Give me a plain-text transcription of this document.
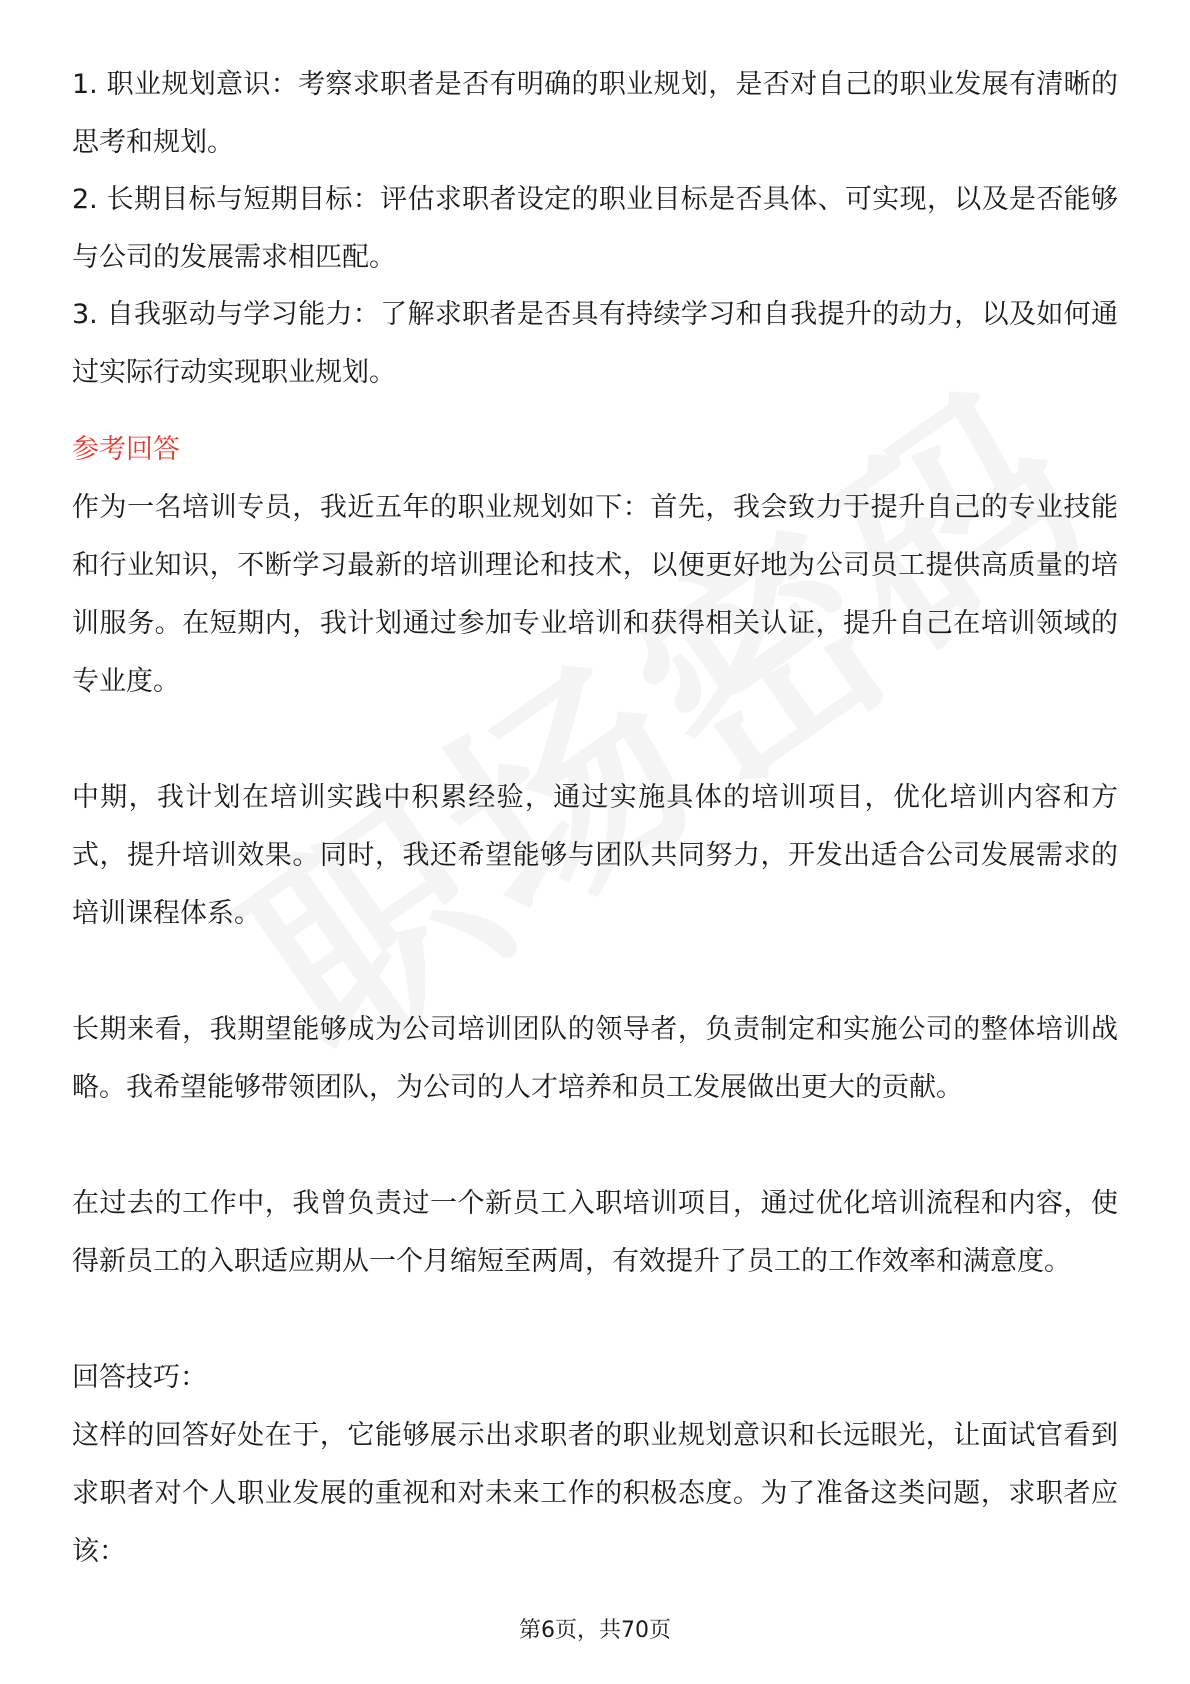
1. 职业规划意识：考察求职者是否有明确的职业规划，是否对自己的职业发展有清晰的思考和规划。

2. 长期目标与短期目标：评估求职者设定的职业目标是否具体、可实现，以及是否能够与公司的发展需求相匹配。

3. 自我驱动与学习能力：了解求职者是否具有持续学习和自我提升的动力，以及如何通过实际行动实现职业规划。

参考回答

作为一名培训专员，我近五年的职业规划如下：首先，我会致力于提升自己的专业技能和行业知识，不断学习最新的培训理论和技术，以便更好地为公司员工提供高质量的培训服务。在短期内，我计划通过参加专业培训和获得相关认证，提升自己在培训领域的专业度。

中期，我计划在培训实践中积累经验，通过实施具体的培训项目，优化培训内容和方式，提升培训效果。同时，我还希望能够与团队共同努力，开发出适合公司发展需求的培训课程体系。

长期来看，我期望能够成为公司培训团队的领导者，负责制定和实施公司的整体培训战略。我希望能够带领团队，为公司的人才培养和员工发展做出更大的贡献。

在过去的工作中，我曾负责过一个新员工入职培训项目，通过优化培训流程和内容，使得新员工的入职适应期从一个月缩短至两周，有效提升了员工的工作效率和满意度。

回答技巧：

这样的回答好处在于，它能够展示出求职者的职业规划意识和长远眼光，让面试官看到求职者对个人职业发展的重视和对未来工作的积极态度。为了准备这类问题，求职者应该：

第6页，共70页
